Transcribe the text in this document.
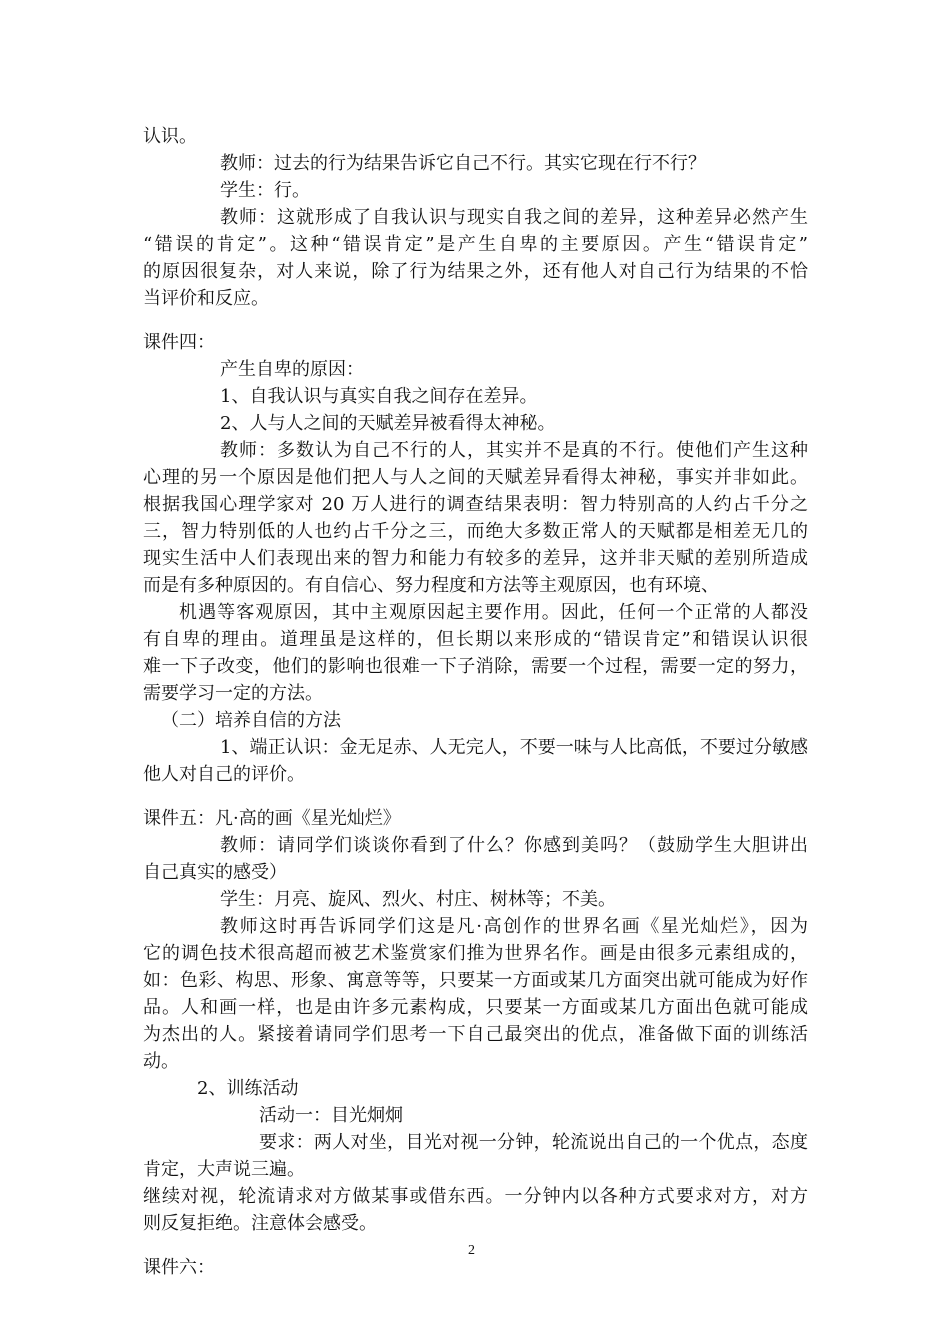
认识。
教师：过去的行为结果告诉它自己不行。其实它现在行不行？
学生：行。
教师：这就形成了自我认识与现实自我之间的差异，这种差异必然产生
“错误的肯定”。这种“错误肯定”是产生自卑的主要原因。产生“错误肯定”
的原因很复杂，对人来说，除了行为结果之外，还有他人对自己行为结果的不恰
当评价和反应。
课件四：
产生自卑的原因：
1、自我认识与真实自我之间存在差异。
2、人与人之间的天赋差异被看得太神秘。
教师：多数认为自己不行的人，其实并不是真的不行。使他们产生这种
心理的另一个原因是他们把人与人之间的天赋差异看得太神秘，事实并非如此。
根据我国心理学家对 20 万人进行的调查结果表明：智力特别高的人约占千分之
三，智力特别低的人也约占千分之三，而绝大多数正常人的天赋都是相差无几的
现实生活中人们表现出来的智力和能力有较多的差异，这并非天赋的差别所造成
而是有多种原因的。有自信心、努力程度和方法等主观原因，也有环境、
机遇等客观原因，其中主观原因起主要作用。因此，任何一个正常的人都没
有自卑的理由。道理虽是这样的，但长期以来形成的“错误肯定”和错误认识很
难一下子改变，他们的影响也很难一下子消除，需要一个过程，需要一定的努力，
需要学习一定的方法。
（二）培养自信的方法
1、端正认识：金无足赤、人无完人，不要一味与人比高低，不要过分敏感
他人对自己的评价。
课件五：凡·高的画《星光灿烂》
教师：请同学们谈谈你看到了什么？你感到美吗？（鼓励学生大胆讲出
自己真实的感受）
学生：月亮、旋风、烈火、村庄、树林等；不美。
教师这时再告诉同学们这是凡·高创作的世界名画《星光灿烂》，因为
它的调色技术很高超而被艺术鉴赏家们推为世界名作。画是由很多元素组成的，
如：色彩、构思、形象、寓意等等，只要某一方面或某几方面突出就可能成为好作
品。人和画一样，也是由许多元素构成，只要某一方面或某几方面出色就可能成
为杰出的人。紧接着请同学们思考一下自己最突出的优点，准备做下面的训练活
动。
2、训练活动
活动一：目光炯炯
要求：两人对坐，目光对视一分钟，轮流说出自己的一个优点，态度
肯定，大声说三遍。
继续对视，轮流请求对方做某事或借东西。一分钟内以各种方式要求对方，对方
则反复拒绝。注意体会感受。
课件六：
2
